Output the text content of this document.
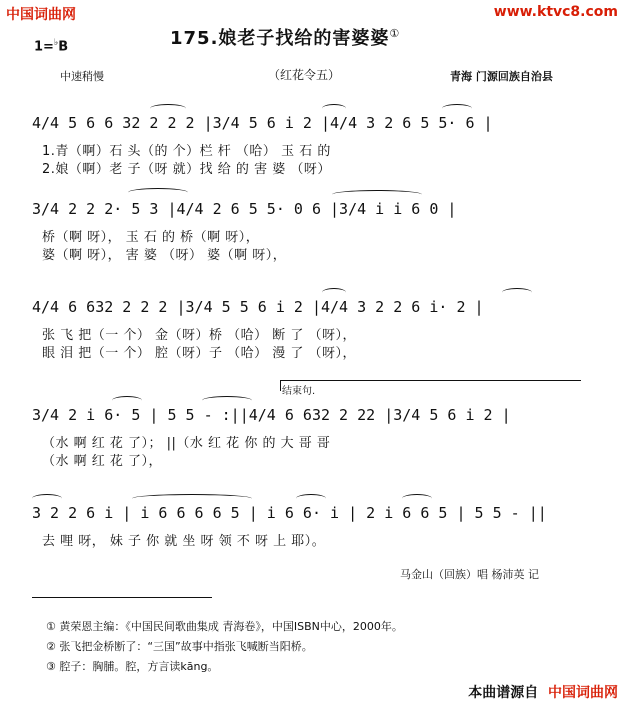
中国词曲网	www.ktvc8.com
175.娘老子找给的害婆婆①
1=♭B
中速稍慢	（红花令五）	青海 门源回族自治县
4/4 5 6 6 32 2 2 2 |3/4 5 6 i 2 |4/4 3 2 6 5 5· 6 |
1.青（啊）石 头（的 个）栏 杆 （哈） 玉 石 的
2.娘（啊）老 子（呀 就）找 给 的 害 婆 （呀）
3/4 2 2 2· 5 3 |4/4 2 6 5 5· 0 6 |3/4 i i 6 0 |
桥（啊 呀）， 玉 石 的 桥（啊 呀），
婆（啊 呀）， 害 婆 （呀） 婆（啊 呀），
4/4 6 632 2 2 2 |3/4 5 5 6 i 2 |4/4 3 2 2 6 i· 2 |
张 飞 把（一 个） 金（呀）桥 （哈） 断 了 （呀），
眼 泪 把（一 个） 腔（呀）子 （哈） 漫 了 （呀），
结束句.
3/4 2 i 6· 5 | 5 5 - :||4/4 6 632 2 22 |3/4 5 6 i 2 |
（水 啊 红 花 了）； ||（水 红 花 你 的 大 哥 哥
（水 啊 红 花 了），
3 2 2 6 i | i 6 6 6 6 5 | i 6 6· i | 2 i 6 6 5 | 5 5 - ||
去 哩 呀， 妹 子 你 就 坐 呀 领 不 呀 上 耶）。
马金山（回族）唱 杨沛英 记
① 黄荣恩主编：《中国民间歌曲集成 青海卷》，中国ISBN中心，2000年。
② 张飞把金桥断了：“三国”故事中指张飞喊断当阳桥。
③ 腔子：胸脯。腔，方言读kāng。
本曲谱源自 中国词曲网
